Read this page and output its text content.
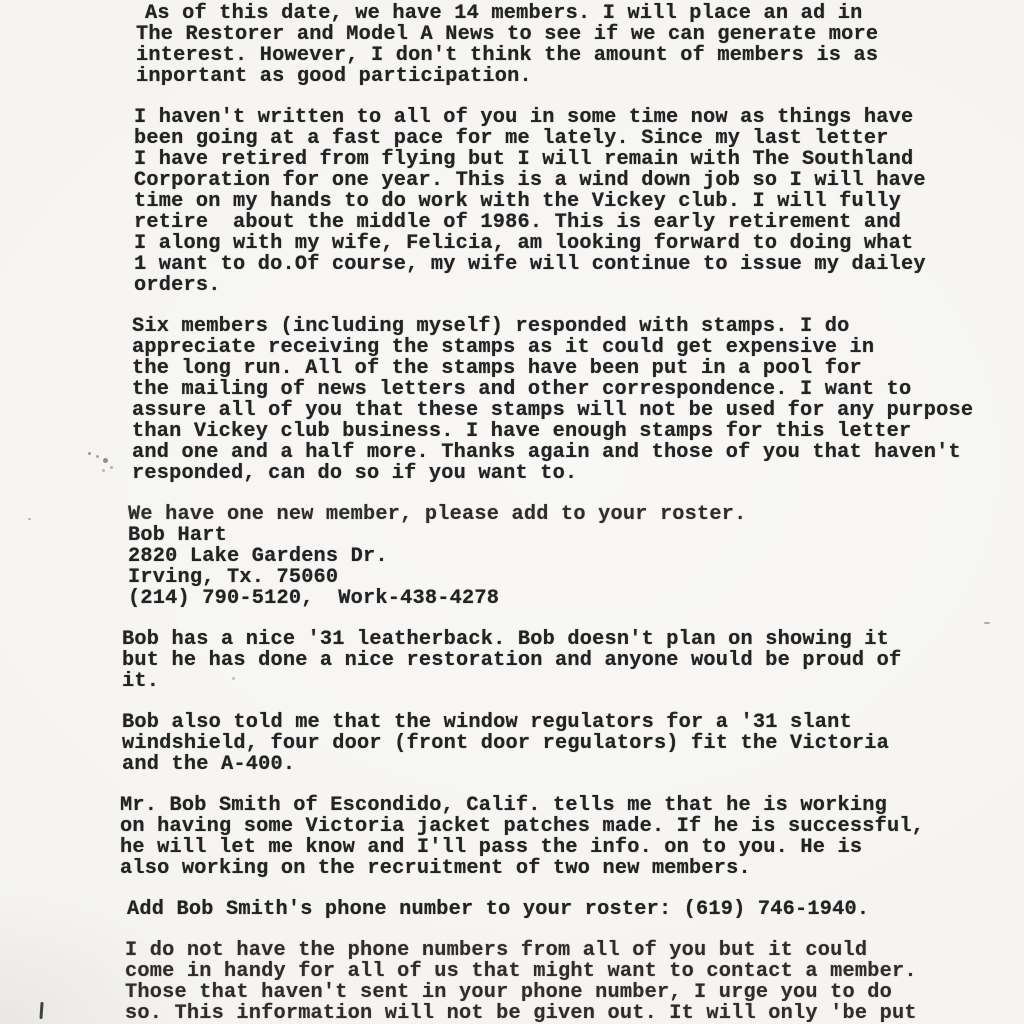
As of this date, we have 14 members. I will place an ad in
The Restorer and Model A News to see if we can generate more
interest. However, I don't think the amount of members is as
inportant as good participation.
I haven't written to all of you in some time now as things have
been going at a fast pace for me lately. Since my last letter
I have retired from flying but I will remain with The Southland
Corporation for one year. This is a wind down job so I will have
time on my hands to do work with the Vickey club. I will fully
retire  about the middle of 1986. This is early retirement and
I along with my wife, Felicia, am looking forward to doing what
1 want to do.Of course, my wife will continue to issue my dailey
orders.
Six members (including myself) responded with stamps. I do
appreciate receiving the stamps as it could get expensive in
the long run. All of the stamps have been put in a pool for
the mailing of news letters and other correspondence. I want to
assure all of you that these stamps will not be used for any purpose
than Vickey club business. I have enough stamps for this letter
and one and a half more. Thanks again and those of you that haven't
responded, can do so if you want to.
We have one new member, please add to your roster.
Bob Hart
2820 Lake Gardens Dr.
Irving, Tx. 75060
(214) 790-5120,  Work-438-4278
Bob has a nice '31 leatherback. Bob doesn't plan on showing it
but he has done a nice restoration and anyone would be proud of
it.
Bob also told me that the window regulators for a '31 slant
windshield, four door (front door regulators) fit the Victoria
and the A-400.
Mr. Bob Smith of Escondido, Calif. tells me that he is working
on having some Victoria jacket patches made. If he is successful,
he will let me know and I'll pass the info. on to you. He is
also working on the recruitment of two new members.
Add Bob Smith's phone number to your roster: (619) 746-1940.
I do not have the phone numbers from all of you but it could
come in handy for all of us that might want to contact a member.
Those that haven't sent in your phone number, I urge you to do
so. This information will not be given out. It will only 'be put
